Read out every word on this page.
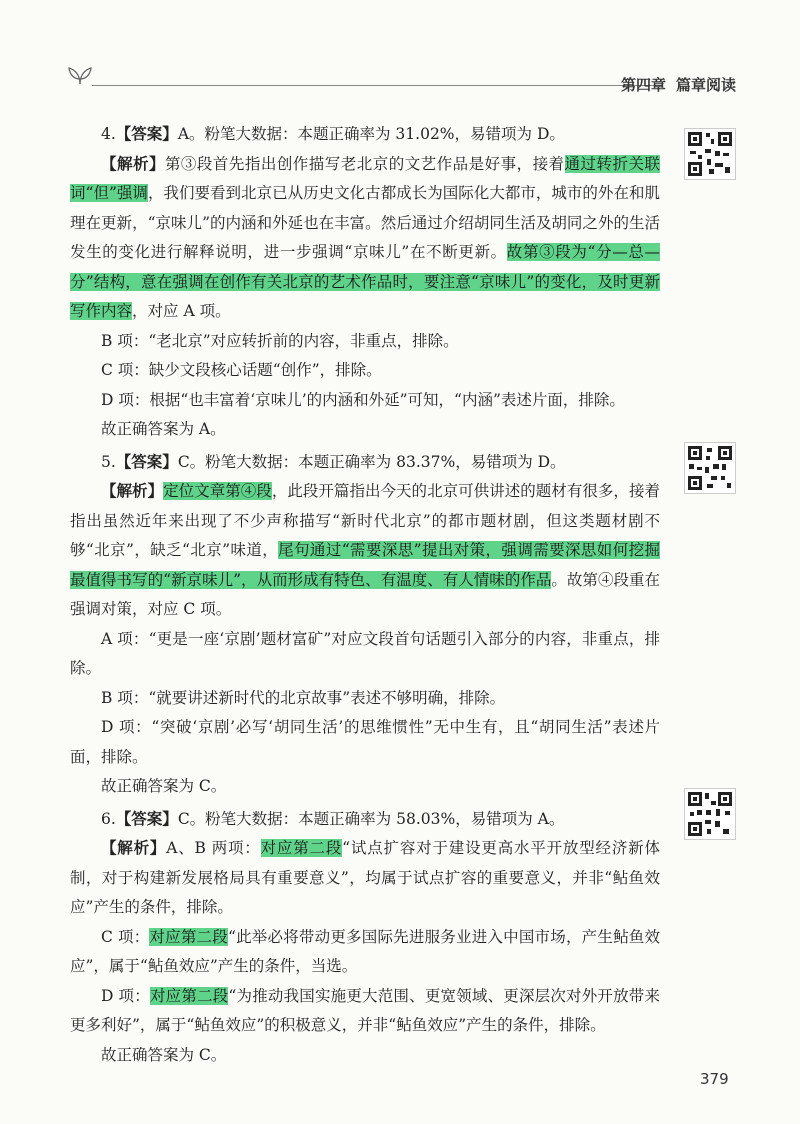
第四章 篇章阅读

4.【答案】A。粉笔大数据：本题正确率为 31.02%，易错项为 D。

【解析】第③段首先指出创作描写老北京的文艺作品是好事，接着通过转折关联词“但”强调，我们要看到北京已从历史文化古都成长为国际化大都市，城市的外在和肌理在更新，“京味儿”的内涵和外延也在丰富。然后通过介绍胡同生活及胡同之外的生活发生的变化进行解释说明，进一步强调“京味儿”在不断更新。故第③段为“分—总—分”结构，意在强调在创作有关北京的艺术作品时，要注意“京味儿”的变化，及时更新写作内容，对应 A 项。

B 项：“老北京”对应转折前的内容，非重点，排除。

C 项：缺少文段核心话题“创作”，排除。

D 项：根据“也丰富着‘京味儿’的内涵和外延”可知，“内涵”表述片面，排除。

故正确答案为 A。

5.【答案】C。粉笔大数据：本题正确率为 83.37%，易错项为 D。

【解析】定位文章第④段，此段开篇指出今天的北京可供讲述的题材有很多，接着指出虽然近年来出现了不少声称描写“新时代北京”的都市题材剧，但这类题材剧不够“北京”，缺乏“北京”味道，尾句通过“需要深思”提出对策，强调需要深思如何挖掘最值得书写的“新京味儿”，从而形成有特色、有温度、有人情味的作品。故第④段重在强调对策，对应 C 项。

A 项：“更是一座‘京剧’题材富矿”对应文段首句话题引入部分的内容，非重点，排除。

B 项：“就要讲述新时代的北京故事”表述不够明确，排除。

D 项：“突破‘京剧’必写‘胡同生活’的思维惯性”无中生有，且“胡同生活”表述片面，排除。

故正确答案为 C。

6.【答案】C。粉笔大数据：本题正确率为 58.03%，易错项为 A。

【解析】A、B 两项：对应第二段“试点扩容对于建设更高水平开放型经济新体制，对于构建新发展格局具有重要意义”，均属于试点扩容的重要意义，并非“鲇鱼效应”产生的条件，排除。

C 项：对应第二段“此举必将带动更多国际先进服务业进入中国市场，产生鲇鱼效应”，属于“鲇鱼效应”产生的条件，当选。

D 项：对应第二段“为推动我国实施更大范围、更宽领域、更深层次对外开放带来更多利好”，属于“鲇鱼效应”的积极意义，并非“鲇鱼效应”产生的条件，排除。

故正确答案为 C。

379
